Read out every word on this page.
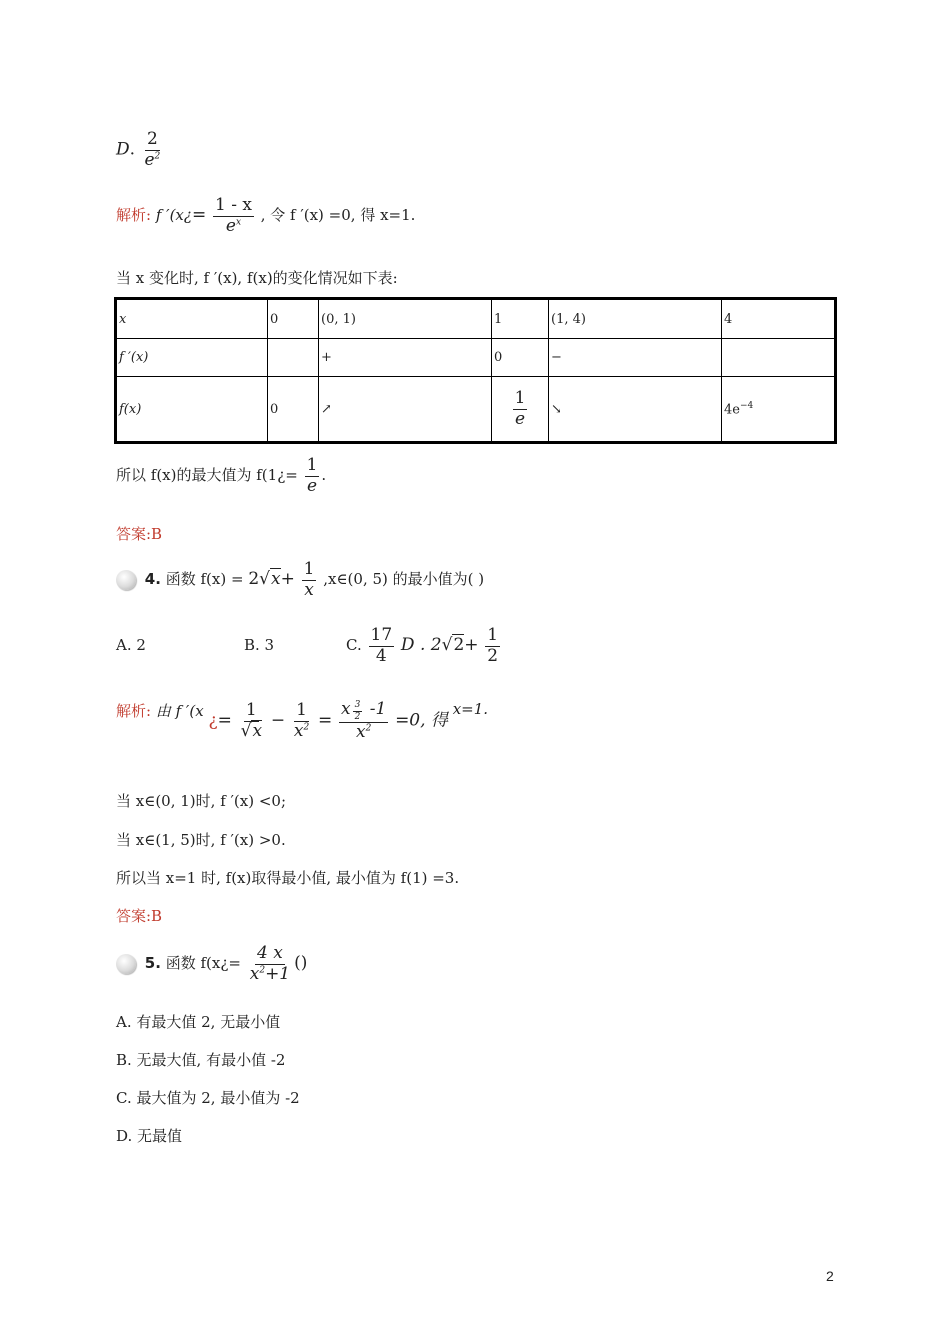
D. $\frac{2}{e^2}$
解析: f ′(x¿= $\frac{1 - x}{e^x}$ , 令 f ′(x) =0, 得 x=1.
当 x 变化时, f ′(x), f(x)的变化情况如下表:
x	0	(0, 1)	1	(1, 4)	4
f ′(x)		+	0	−	
f(x)	0	↗	$\frac{1}{e}$	↘	$4e^{-4}$
所以 f(x)的最大值为 f(1¿= $\frac{1}{e}$ .
答案:B
4. 函数 $f(x) = 2√x+ \frac{1}{x}$ ,x∈(0, 5) 的最小值为( )
A. 2	B. 3	C. $\frac{17}{4}$ D . $2√2+ \frac{1}{2}$
解析: 由 f ′(x ¿= $\frac{1}{√x} - \frac{1}{x^2} = \frac{x \frac{3}{2} -1}{x^2} =0$, 得 x=1.
当 x∈(0, 1)时, f ′(x) <0;
当 x∈(1, 5)时, f ′(x) >0.
所以当 x=1 时, f(x)取得最小值, 最小值为 f(1) =3.
答案:B
5. 函数 f(x¿= $\frac{4 x}{x^2+1}$ ()
A. 有最大值 2, 无最小值
B. 无最大值, 有最小值 -2
C. 最大值为 2, 最小值为 -2
D. 无最值
2
